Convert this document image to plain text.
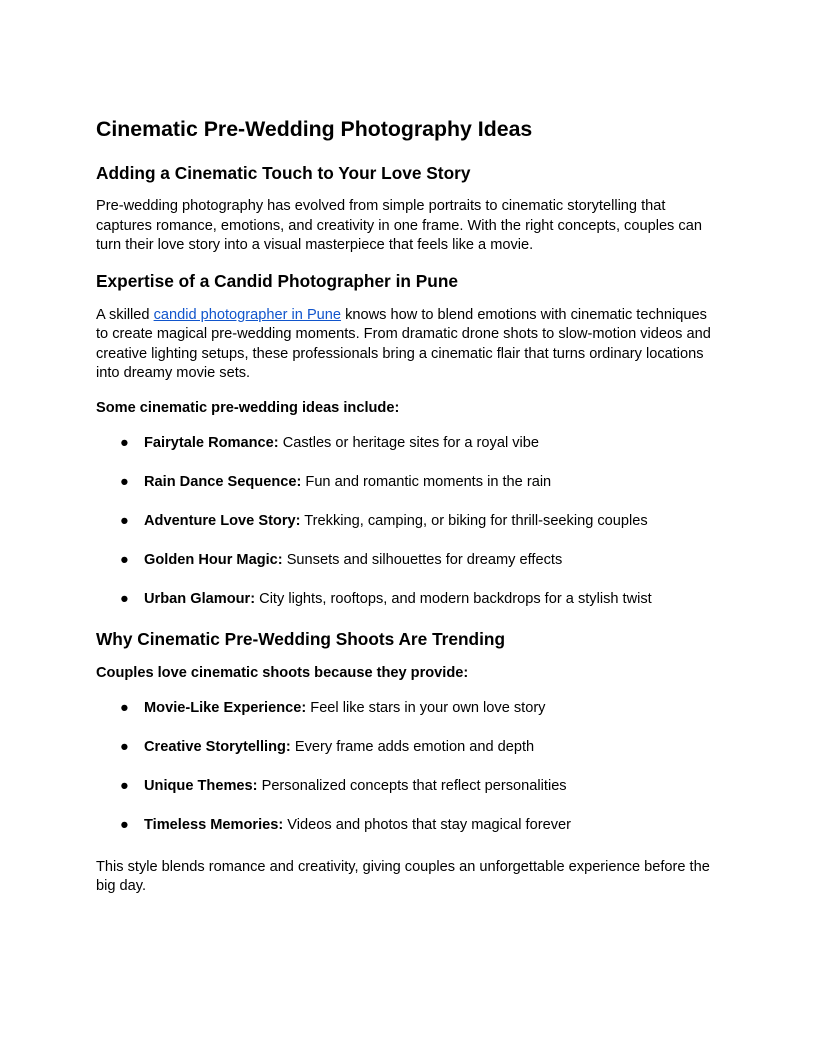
Cinematic Pre-Wedding Photography Ideas
Adding a Cinematic Touch to Your Love Story

Pre-wedding photography has evolved from simple portraits to cinematic storytelling that captures romance, emotions, and creativity in one frame. With the right concepts, couples can turn their love story into a visual masterpiece that feels like a movie.

Expertise of a Candid Photographer in Pune

A skilled candid photographer in Pune knows how to blend emotions with cinematic techniques to create magical pre-wedding moments. From dramatic drone shots to slow-motion videos and creative lighting setups, these professionals bring a cinematic flair that turns ordinary locations into dreamy movie sets.

Some cinematic pre-wedding ideas include:

● Fairytale Romance: Castles or heritage sites for a royal vibe
● Rain Dance Sequence: Fun and romantic moments in the rain
● Adventure Love Story: Trekking, camping, or biking for thrill-seeking couples
● Golden Hour Magic: Sunsets and silhouettes for dreamy effects
● Urban Glamour: City lights, rooftops, and modern backdrops for a stylish twist
Why Cinematic Pre-Wedding Shoots Are Trending

Couples love cinematic shoots because they provide:

● Movie-Like Experience: Feel like stars in your own love story
● Creative Storytelling: Every frame adds emotion and depth
● Unique Themes: Personalized concepts that reflect personalities
● Timeless Memories: Videos and photos that stay magical forever

This style blends romance and creativity, giving couples an unforgettable experience before the big day.
